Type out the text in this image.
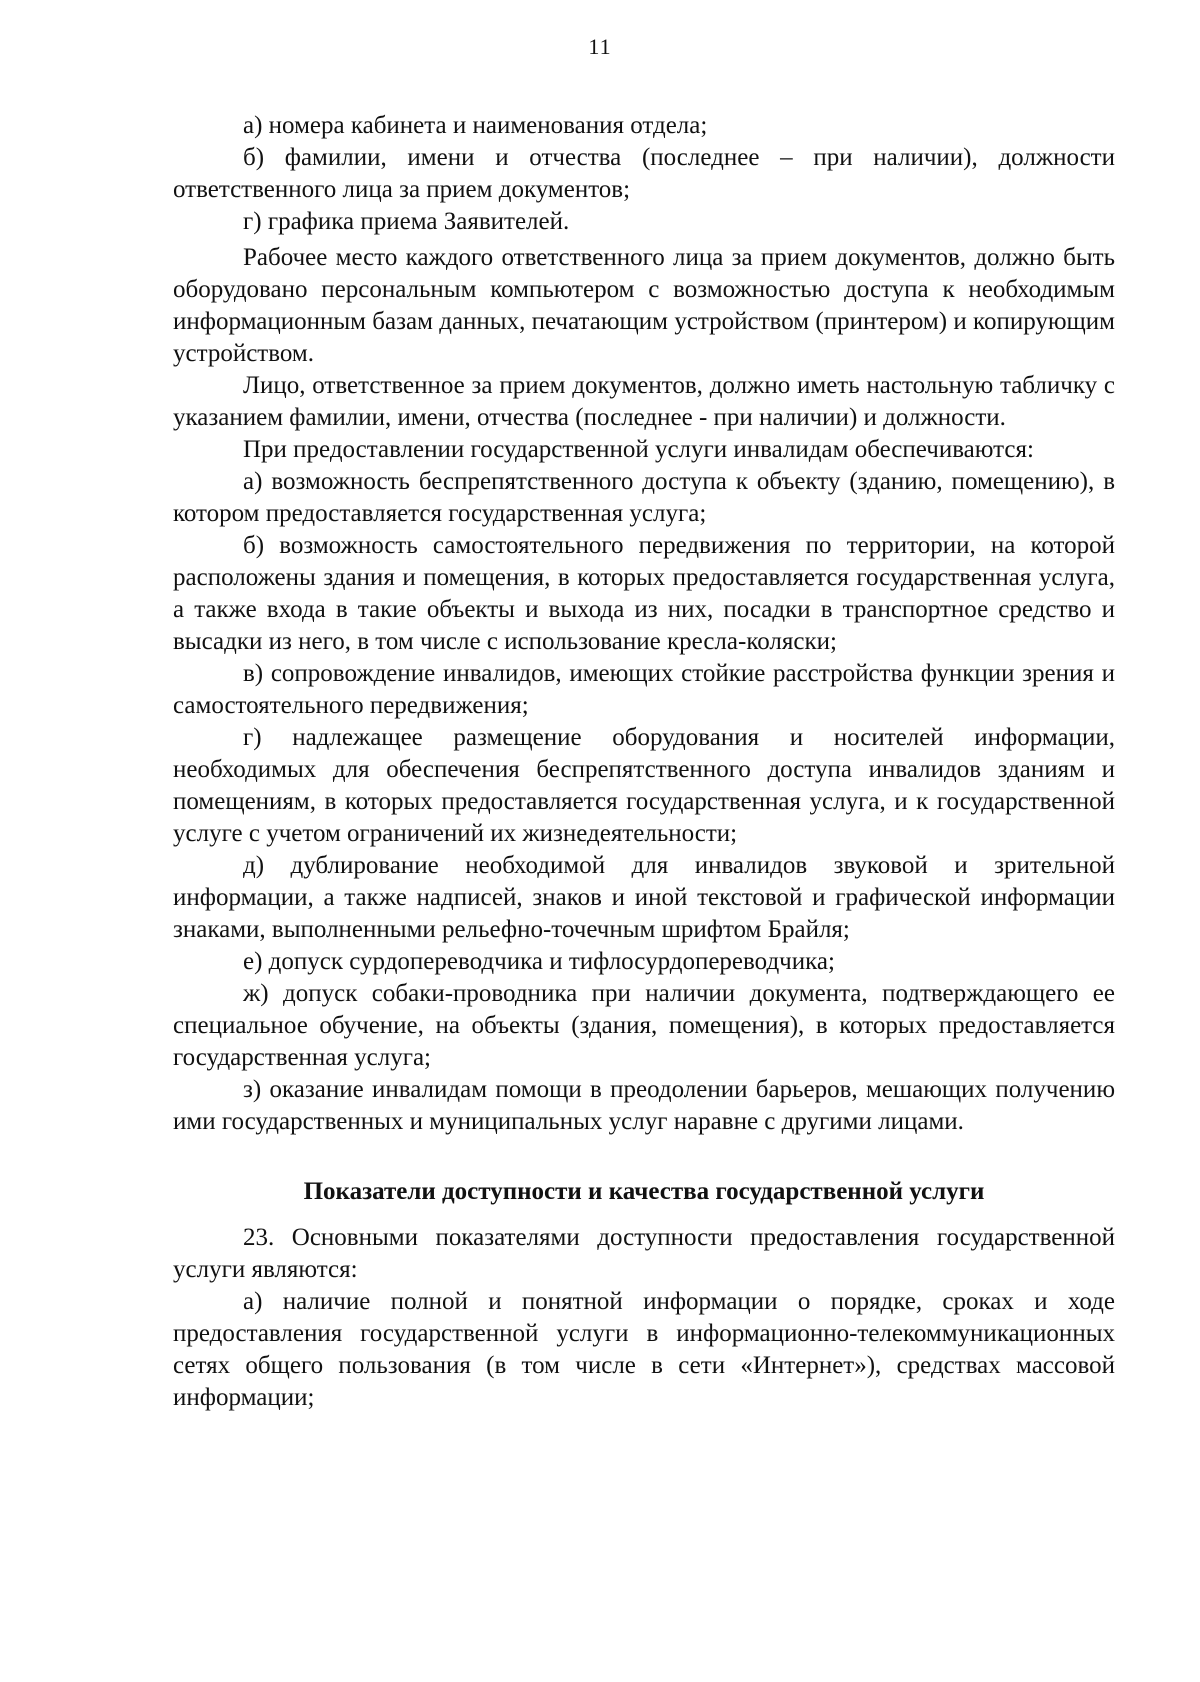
11

а) номера кабинета и наименования отдела;

б) фамилии, имени и отчества (последнее – при наличии), должности ответственного лица за прием документов;

г) графика приема Заявителей.

Рабочее место каждого ответственного лица за прием документов, должно быть оборудовано персональным компьютером с возможностью доступа к необходимым информационным базам данных, печатающим устройством (принтером) и копирующим устройством.

Лицо, ответственное за прием документов, должно иметь настольную табличку с указанием фамилии, имени, отчества (последнее - при наличии) и должности.

При предоставлении государственной услуги инвалидам обеспечиваются:

а) возможность беспрепятственного доступа к объекту (зданию, помещению), в котором предоставляется государственная услуга;

б) возможность самостоятельного передвижения по территории, на которой расположены здания и помещения, в которых предоставляется государственная услуга, а также входа в такие объекты и выхода из них, посадки в транспортное средство и высадки из него, в том числе с использование кресла-коляски;

в) сопровождение инвалидов, имеющих стойкие расстройства функции зрения и самостоятельного передвижения;

г) надлежащее размещение оборудования и носителей информации, необходимых для обеспечения беспрепятственного доступа инвалидов зданиям и помещениям, в которых предоставляется государственная услуга, и к государственной услуге с учетом ограничений их жизнедеятельности;

д) дублирование необходимой для инвалидов звуковой и зрительной информации, а также надписей, знаков и иной текстовой и графической информации знаками, выполненными рельефно-точечным шрифтом Брайля;

е) допуск сурдопереводчика и тифлосурдопереводчика;

ж) допуск собаки-проводника при наличии документа, подтверждающего ее специальное обучение, на объекты (здания, помещения), в которых предоставляется государственная услуга;

з) оказание инвалидам помощи в преодолении барьеров, мешающих получению ими государственных и муниципальных услуг наравне с другими лицами.

Показатели доступности и качества государственной услуги

23. Основными показателями доступности предоставления государственной услуги являются:

а) наличие полной и понятной информации о порядке, сроках и ходе предоставления государственной услуги в информационно-телекоммуникационных сетях общего пользования (в том числе в сети «Интернет»), средствах массовой информации;
